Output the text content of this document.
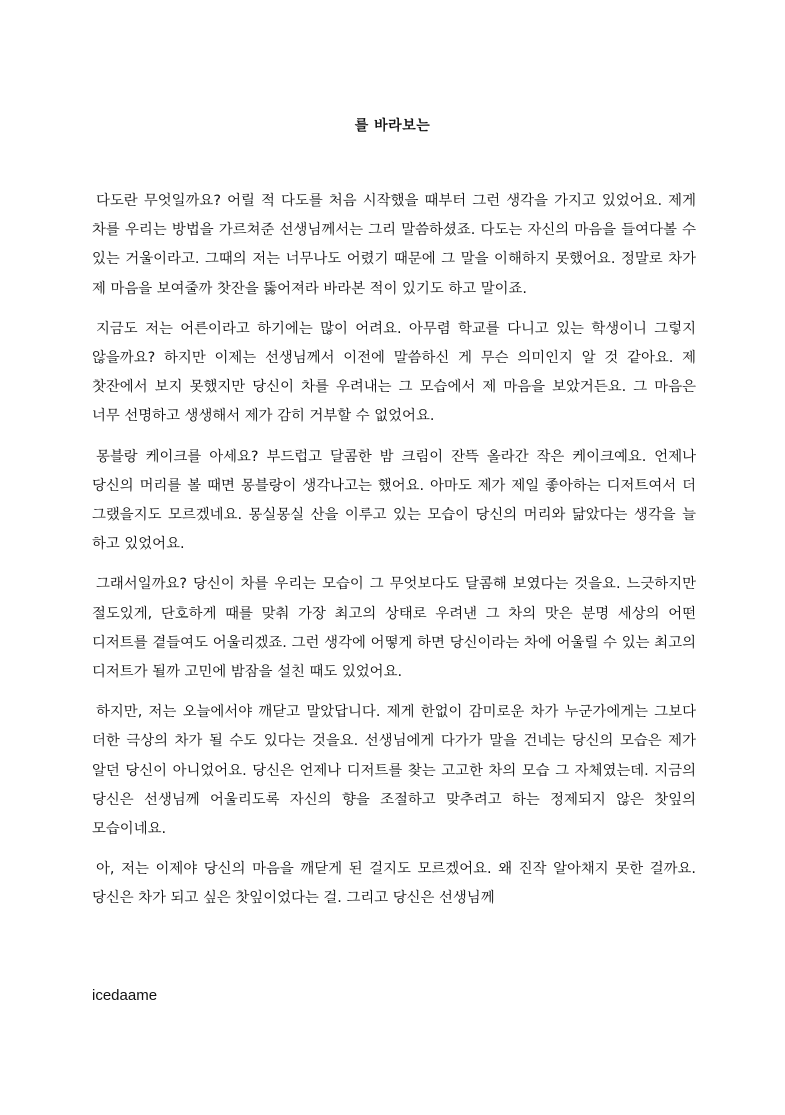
를 바라보는

다도란 무엇일까요? 어릴 적 다도를 처음 시작했을 때부터 그런 생각을 가지고 있었어요. 제게 차를 우리는 방법을 가르쳐준 선생님께서는 그리 말씀하셨죠. 다도는 자신의 마음을 들여다볼 수 있는 거울이라고. 그때의 저는 너무나도 어렸기 때문에 그 말을 이해하지 못했어요. 정말로 차가 제 마음을 보여줄까 찻잔을 뚫어져라 바라본 적이 있기도 하고 말이죠.

지금도 저는 어른이라고 하기에는 많이 어려요. 아무렴 학교를 다니고 있는 학생이니 그렇지 않을까요? 하지만 이제는 선생님께서 이전에 말씀하신 게 무슨 의미인지 알 것 같아요. 제 찻잔에서 보지 못했지만 당신이 차를 우려내는 그 모습에서 제 마음을 보았거든요. 그 마음은 너무 선명하고 생생해서 제가 감히 거부할 수 없었어요.

몽블랑 케이크를 아세요? 부드럽고 달콤한 밤 크림이 잔뜩 올라간 작은 케이크예요. 언제나 당신의 머리를 볼 때면 몽블랑이 생각나고는 했어요. 아마도 제가 제일 좋아하는 디저트여서 더 그랬을지도 모르겠네요. 몽실몽실 산을 이루고 있는 모습이 당신의 머리와 닮았다는 생각을 늘 하고 있었어요.

그래서일까요? 당신이 차를 우리는 모습이 그 무엇보다도 달콤해 보였다는 것을요. 느긋하지만 절도있게, 단호하게 때를 맞춰 가장 최고의 상태로 우려낸 그 차의 맛은 분명 세상의 어떤 디저트를 곁들여도 어울리겠죠. 그런 생각에 어떻게 하면 당신이라는 차에 어울릴 수 있는 최고의 디저트가 될까 고민에 밤잠을 설친 때도 있었어요.

하지만, 저는 오늘에서야 깨닫고 말았답니다. 제게 한없이 감미로운 차가 누군가에게는 그보다 더한 극상의 차가 될 수도 있다는 것을요. 선생님에게 다가가 말을 건네는 당신의 모습은 제가 알던 당신이 아니었어요. 당신은 언제나 디저트를 찾는 고고한 차의 모습 그 자체였는데. 지금의 당신은 선생님께 어울리도록 자신의 향을 조절하고 맞추려고 하는 정제되지 않은 찻잎의 모습이네요.

아, 저는 이제야 당신의 마음을 깨닫게 된 걸지도 모르겠어요. 왜 진작 알아채지 못한 걸까요. 당신은 차가 되고 싶은 찻잎이었다는 걸. 그리고 당신은 선생님께

icedaame
